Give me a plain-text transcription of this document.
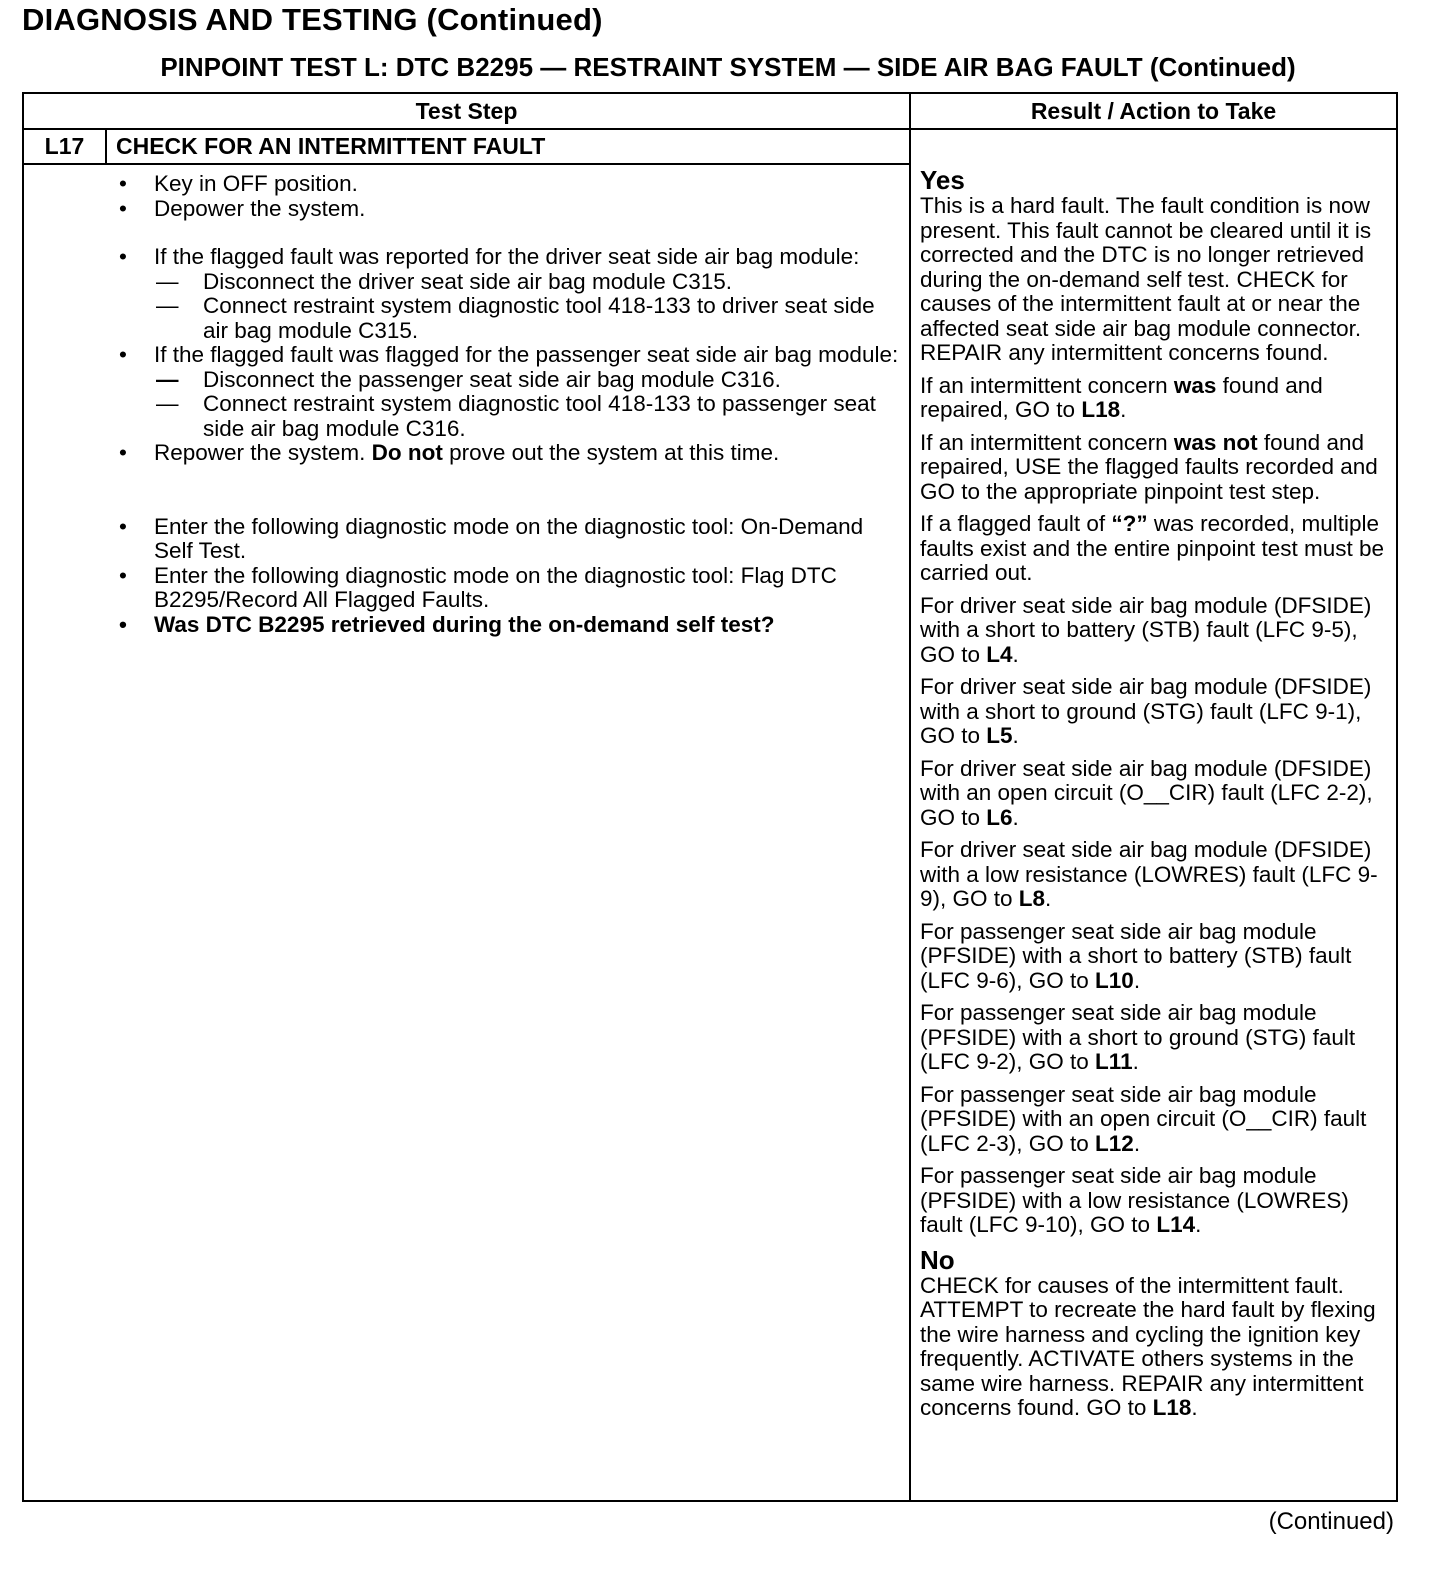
DIAGNOSIS AND TESTING (Continued)
PINPOINT TEST L: DTC B2295 — RESTRAINT SYSTEM — SIDE AIR BAG FAULT (Continued)
Test Step	Result / Action to Take
L17	CHECK FOR AN INTERMITTENT FAULT
• Key in OFF position.
• Depower the system.
• If the flagged fault was reported for the driver seat side air bag module:
— Disconnect the driver seat side air bag module C315.
— Connect restraint system diagnostic tool 418-133 to driver seat side air bag module C315.
• If the flagged fault was flagged for the passenger seat side air bag module:
— Disconnect the passenger seat side air bag module C316.
— Connect restraint system diagnostic tool 418-133 to passenger seat side air bag module C316.
• Repower the system. Do not prove out the system at this time.
• Enter the following diagnostic mode on the diagnostic tool: On-Demand Self Test.
• Enter the following diagnostic mode on the diagnostic tool: Flag DTC B2295/Record All Flagged Faults.
• Was DTC B2295 retrieved during the on-demand self test?
Yes

This is a hard fault. The fault condition is now present. This fault cannot be cleared until it is corrected and the DTC is no longer retrieved during the on-demand self test. CHECK for causes of the intermittent fault at or near the affected seat side air bag module connector. REPAIR any intermittent concerns found.

If an intermittent concern was found and repaired, GO to L18.

If an intermittent concern was not found and repaired, USE the flagged faults recorded and GO to the appropriate pinpoint test step.

If a flagged fault of “?” was recorded, multiple faults exist and the entire pinpoint test must be carried out.

For driver seat side air bag module (DFSIDE) with a short to battery (STB) fault (LFC 9-5), GO to L4.

For driver seat side air bag module (DFSIDE) with a short to ground (STG) fault (LFC 9-1), GO to L5.

For driver seat side air bag module (DFSIDE) with an open circuit (O__CIR) fault (LFC 2-2), GO to L6.

For driver seat side air bag module (DFSIDE) with a low resistance (LOWRES) fault (LFC 9-9), GO to L8.

For passenger seat side air bag module (PFSIDE) with a short to battery (STB) fault (LFC 9-6), GO to L10.

For passenger seat side air bag module (PFSIDE) with a short to ground (STG) fault (LFC 9-2), GO to L11.

For passenger seat side air bag module (PFSIDE) with an open circuit (O__CIR) fault (LFC 2-3), GO to L12.

For passenger seat side air bag module (PFSIDE) with a low resistance (LOWRES) fault (LFC 9-10), GO to L14.

No

CHECK for causes of the intermittent fault. ATTEMPT to recreate the hard fault by flexing the wire harness and cycling the ignition key frequently. ACTIVATE others systems in the same wire harness. REPAIR any intermittent concerns found. GO to L18.

(Continued)
